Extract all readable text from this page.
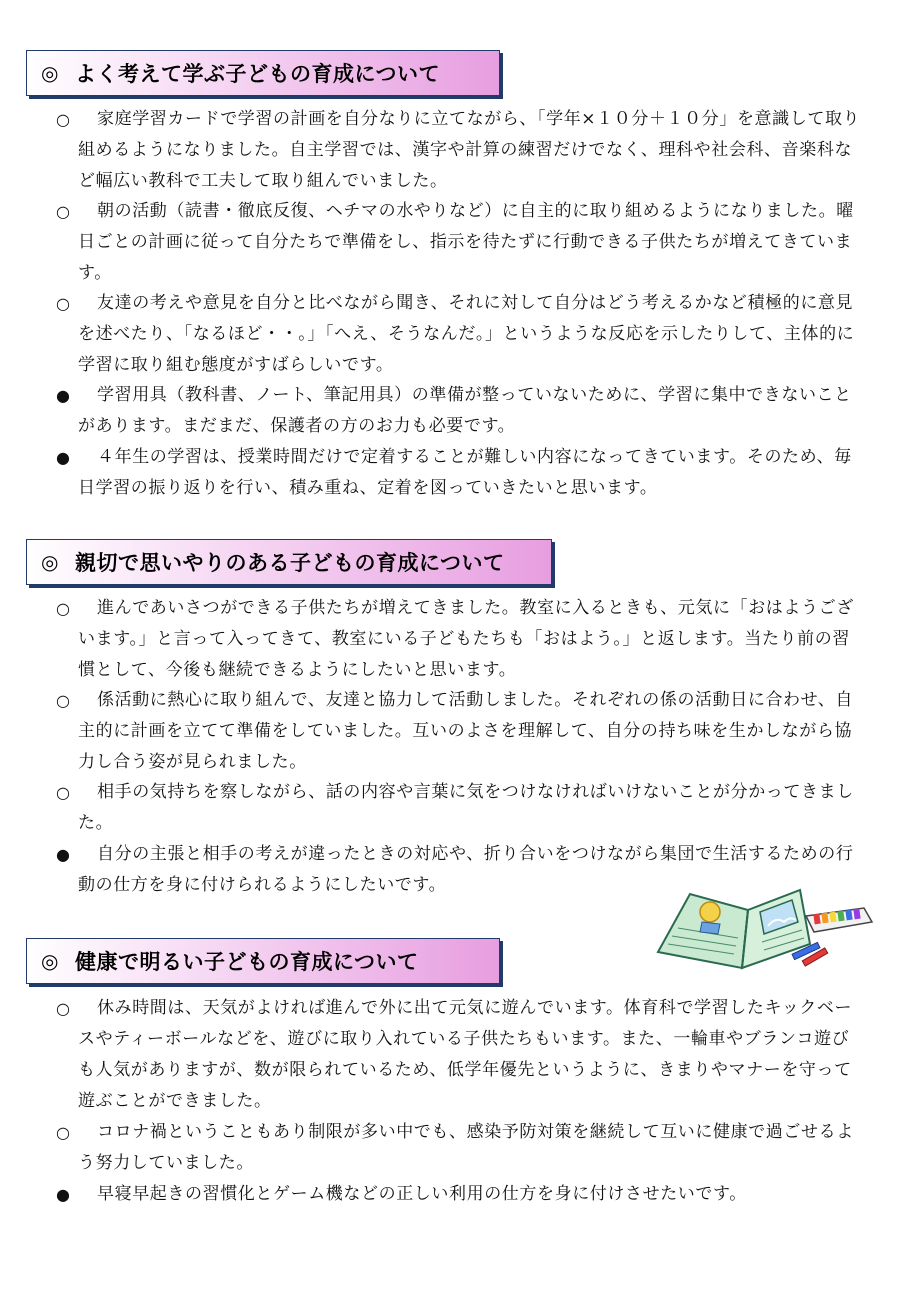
◎ よく考えて学ぶ子どもの育成について
○	家庭学習カードで学習の計画を自分なりに立てながら、「学年×１０分＋１０分」を意識して取り組めるようになりました。自主学習では、漢字や計算の練習だけでなく、理科や社会科、音楽科など幅広い教科で工夫して取り組んでいました。
○	朝の活動（読書・徹底反復、ヘチマの水やりなど）に自主的に取り組めるようになりました。曜日ごとの計画に従って自分たちで準備をし、指示を待たずに行動できる子供たちが増えてきています。
○	友達の考えや意見を自分と比べながら聞き、それに対して自分はどう考えるかなど積極的に意見を述べたり、「なるほど・・。」「へえ、そうなんだ。」というような反応を示したりして、主体的に学習に取り組む態度がすばらしいです。
●	学習用具（教科書、ノート、筆記用具）の準備が整っていないために、学習に集中できないことがあります。まだまだ、保護者の方のお力も必要です。
●	４年生の学習は、授業時間だけで定着することが難しい内容になってきています。そのため、毎日学習の振り返りを行い、積み重ね、定着を図っていきたいと思います。
◎ 親切で思いやりのある子どもの育成について
○	進んであいさつができる子供たちが増えてきました。教室に入るときも、元気に「おはようございます。」と言って入ってきて、教室にいる子どもたちも「おはよう。」と返します。当たり前の習慣として、今後も継続できるようにしたいと思います。
○	係活動に熱心に取り組んで、友達と協力して活動しました。それぞれの係の活動日に合わせ、自主的に計画を立てて準備をしていました。互いのよさを理解して、自分の持ち味を生かしながら協力し合う姿が見られました。
○	相手の気持ちを察しながら、話の内容や言葉に気をつけなければいけないことが分かってきました。
●	自分の主張と相手の考えが違ったときの対応や、折り合いをつけながら集団で生活するための行動の仕方を身に付けられるようにしたいです。
◎ 健康で明るい子どもの育成について
○	休み時間は、天気がよければ進んで外に出て元気に遊んでいます。体育科で学習したキックベースやティーボールなどを、遊びに取り入れている子供たちもいます。また、一輪車やブランコ遊びも人気がありますが、数が限られているため、低学年優先というように、きまりやマナーを守って遊ぶことができました。
○	コロナ禍ということもあり制限が多い中でも、感染予防対策を継続して互いに健康で過ごせるよう努力していました。
●	早寝早起きの習慣化とゲーム機などの正しい利用の仕方を身に付けさせたいです。
